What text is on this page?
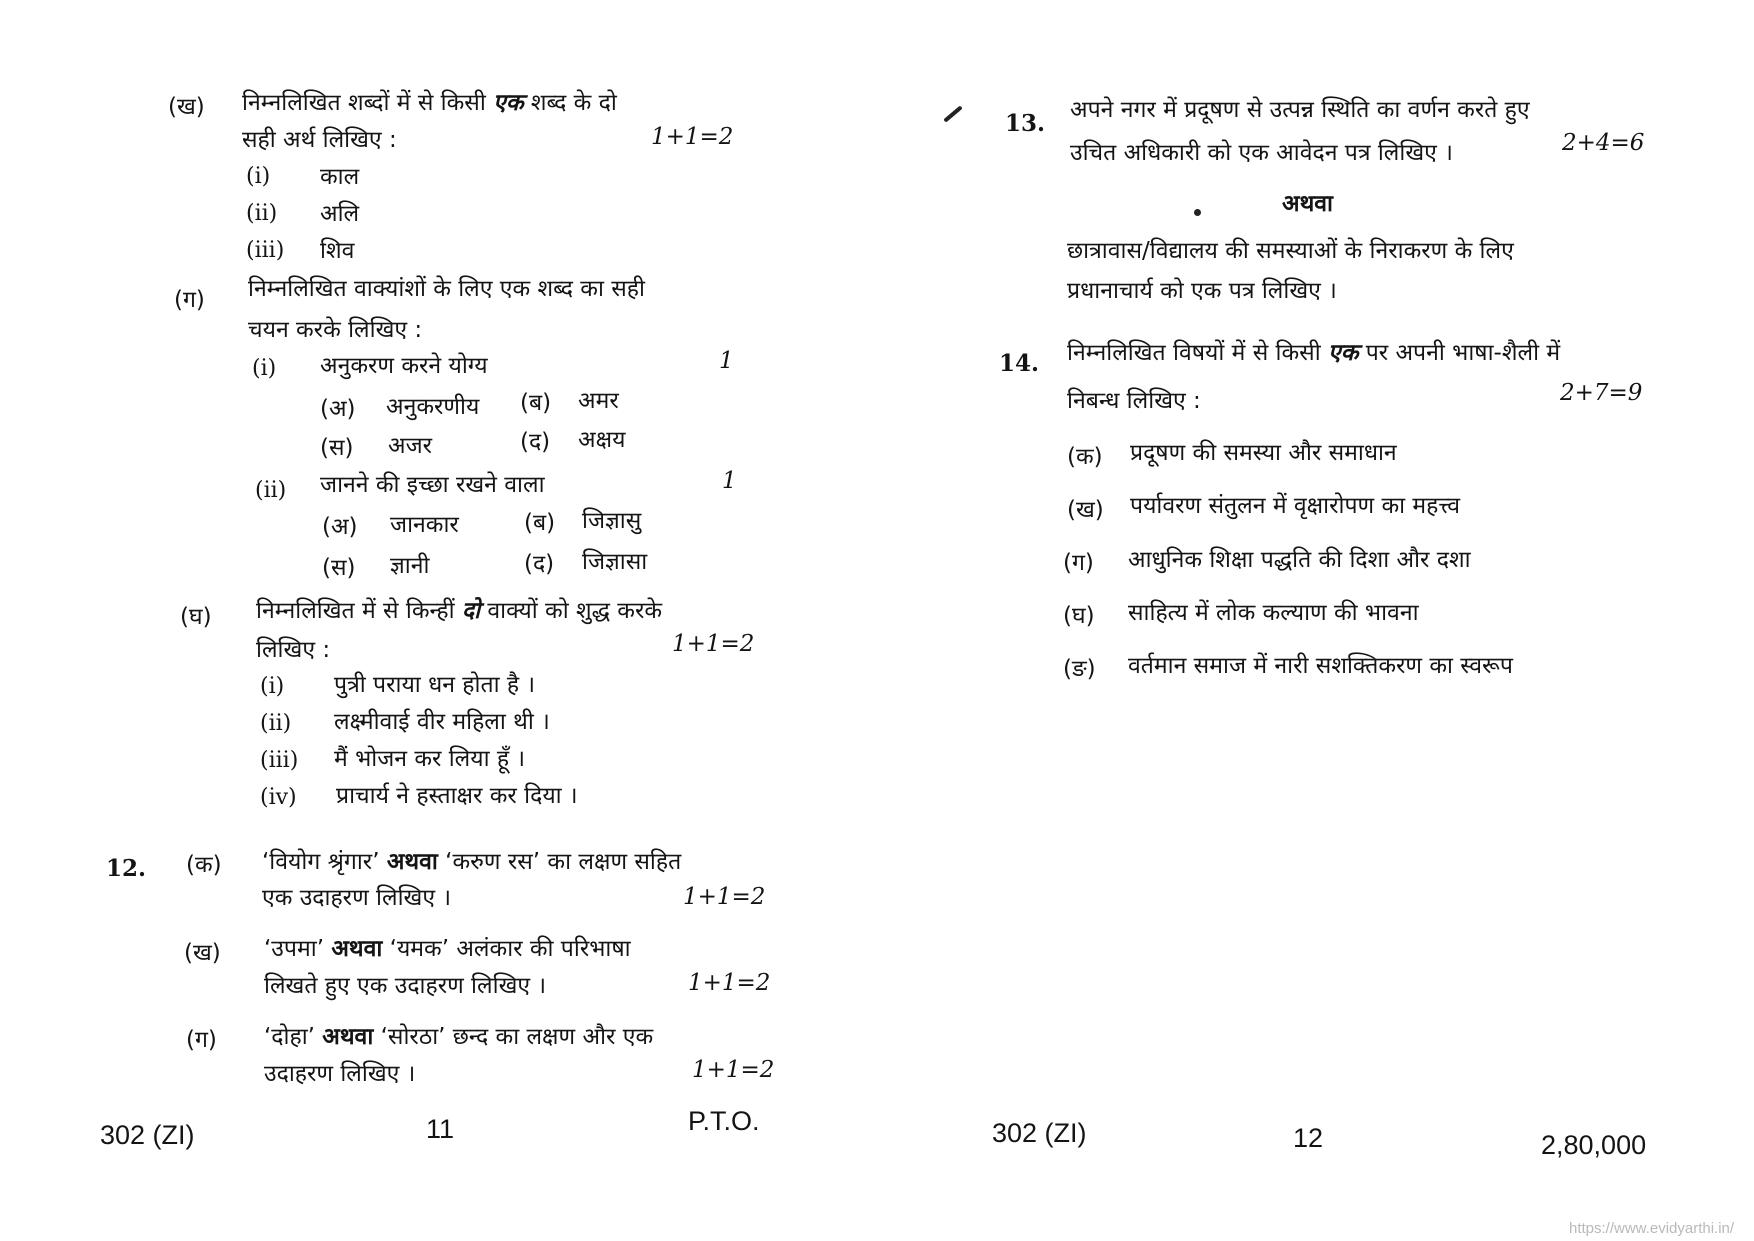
(ख) निम्नलिखित शब्दों में से किसी एक शब्द के दो
सही अर्थ लिखिए :	1+1=2
(i) काल
(ii) अलि
(iii) शिव
(ग) निम्नलिखित वाक्यांशों के लिए एक शब्द का सही
चयन करके लिखिए :
(i) अनुकरण करने योग्य	1
(अ) अनुकरणीय (ब) अमर
(स) अजर	(द) अक्षय
(ii) जानने की इच्छा रखने वाला	1
(अ) जानकार	(ब) जिज्ञासु
(स) ज्ञानी	(द) जिज्ञासा
(घ) निम्नलिखित में से किन्हीं दो वाक्यों को शुद्ध करके
लिखिए :	1+1=2
(i) पुत्री पराया धन होता है ।
(ii) लक्ष्मीवाई वीर महिला थी ।
(iii) मैं भोजन कर लिया हूँ ।
(iv) प्राचार्य ने हस्ताक्षर कर दिया ।
12. (क) ‘वियोग श्रृंगार’ अथवा ‘करुण रस’ का लक्षण सहित
एक उदाहरण लिखिए ।	1+1=2
(ख) ‘उपमा’ अथवा ‘यमक’ अलंकार की परिभाषा
लिखते हुए एक उदाहरण लिखिए ।	1+1=2
(ग) ‘दोहा’ अथवा ‘सोरठा’ छन्द का लक्षण और एक
उदाहरण लिखिए ।	1+1=2
302 (ZI)	11	P.T.O.
13. अपने नगर में प्रदूषण से उत्पन्न स्थिति का वर्णन करते हुए
उचित अधिकारी को एक आवेदन पत्र लिखिए ।	2+4=6
अथवा
छात्रावास/विद्यालय की समस्याओं के निराकरण के लिए
प्रधानाचार्य को एक पत्र लिखिए ।
14. निम्नलिखित विषयों में से किसी एक पर अपनी भाषा-शैली में
निबन्ध लिखिए :	2+7=9
(क) प्रदूषण की समस्या और समाधान
(ख) पर्यावरण संतुलन में वृक्षारोपण का महत्त्व
(ग) आधुनिक शिक्षा पद्धति की दिशा और दशा
(घ) साहित्य में लोक कल्याण की भावना
(ङ) वर्तमान समाज में नारी सशक्तिकरण का स्वरूप
302 (ZI)	12	2,80,000
https://www.evidyarthi.in/
